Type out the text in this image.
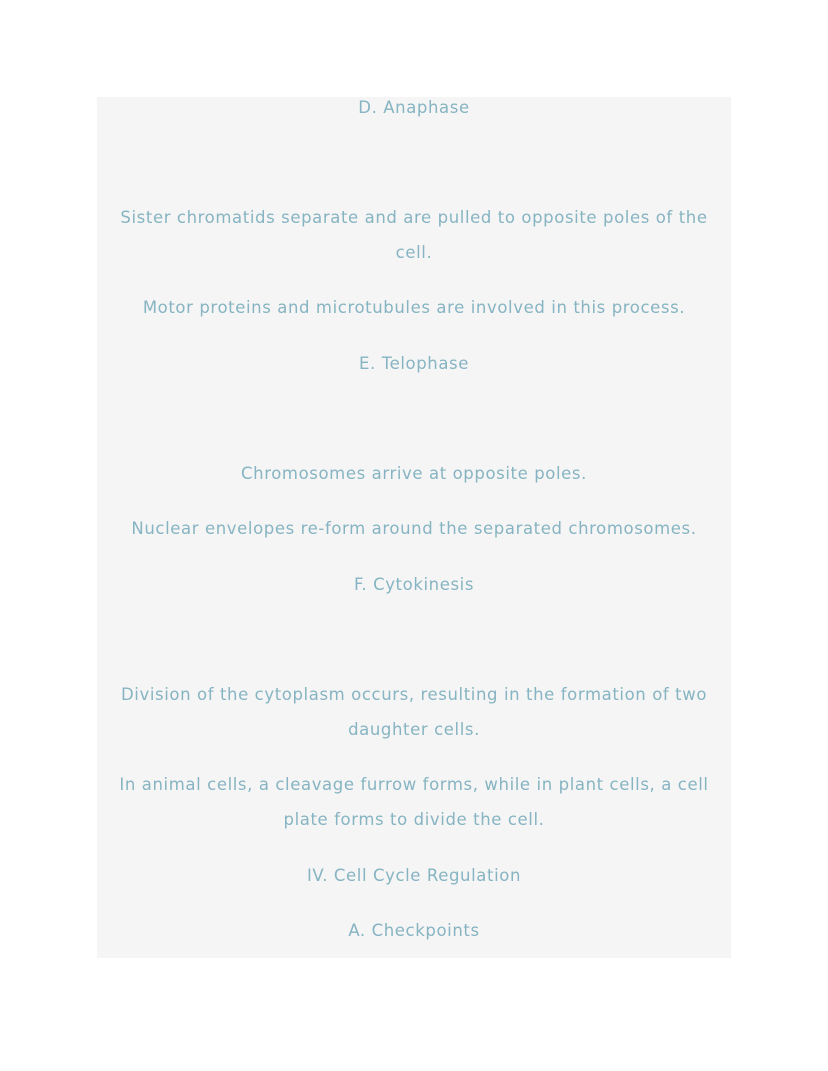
D. Anaphase

Sister chromatids separate and are pulled to opposite poles of the

cell.

Motor proteins and microtubules are involved in this process.

E. Telophase

Chromosomes arrive at opposite poles.

Nuclear envelopes re-form around the separated chromosomes.

F. Cytokinesis

Division of the cytoplasm occurs, resulting in the formation of two

daughter cells.

In animal cells, a cleavage furrow forms, while in plant cells, a cell

plate forms to divide the cell.

IV. Cell Cycle Regulation

A. Checkpoints
